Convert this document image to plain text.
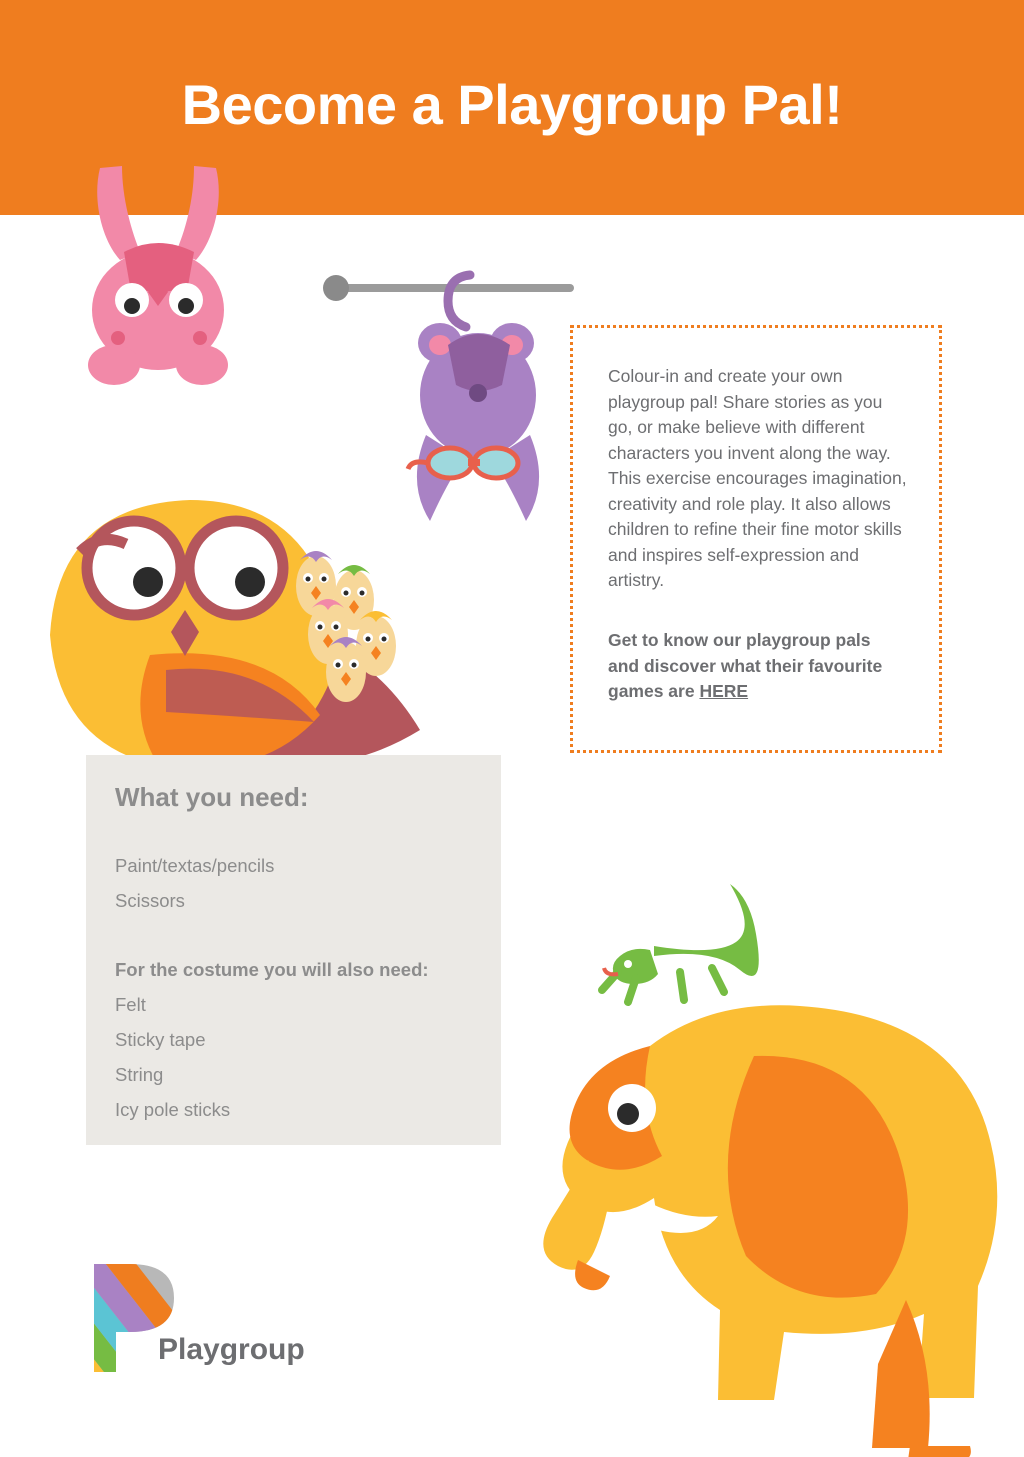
Become a Playgroup Pal!
Colour-in and create your own playgroup pal! Share stories as you go, or make believe with different characters you invent along the way. This exercise encourages imagination, creativity and role play. It also allows children to refine their fine motor skills and inspires self-expression and artistry.
Get to know our playgroup pals and discover what their favourite games are HERE
What you need:
Paint/textas/pencils
Scissors
For the costume you will also need:
Felt
Sticky tape
String
Icy pole sticks
Playgroup
